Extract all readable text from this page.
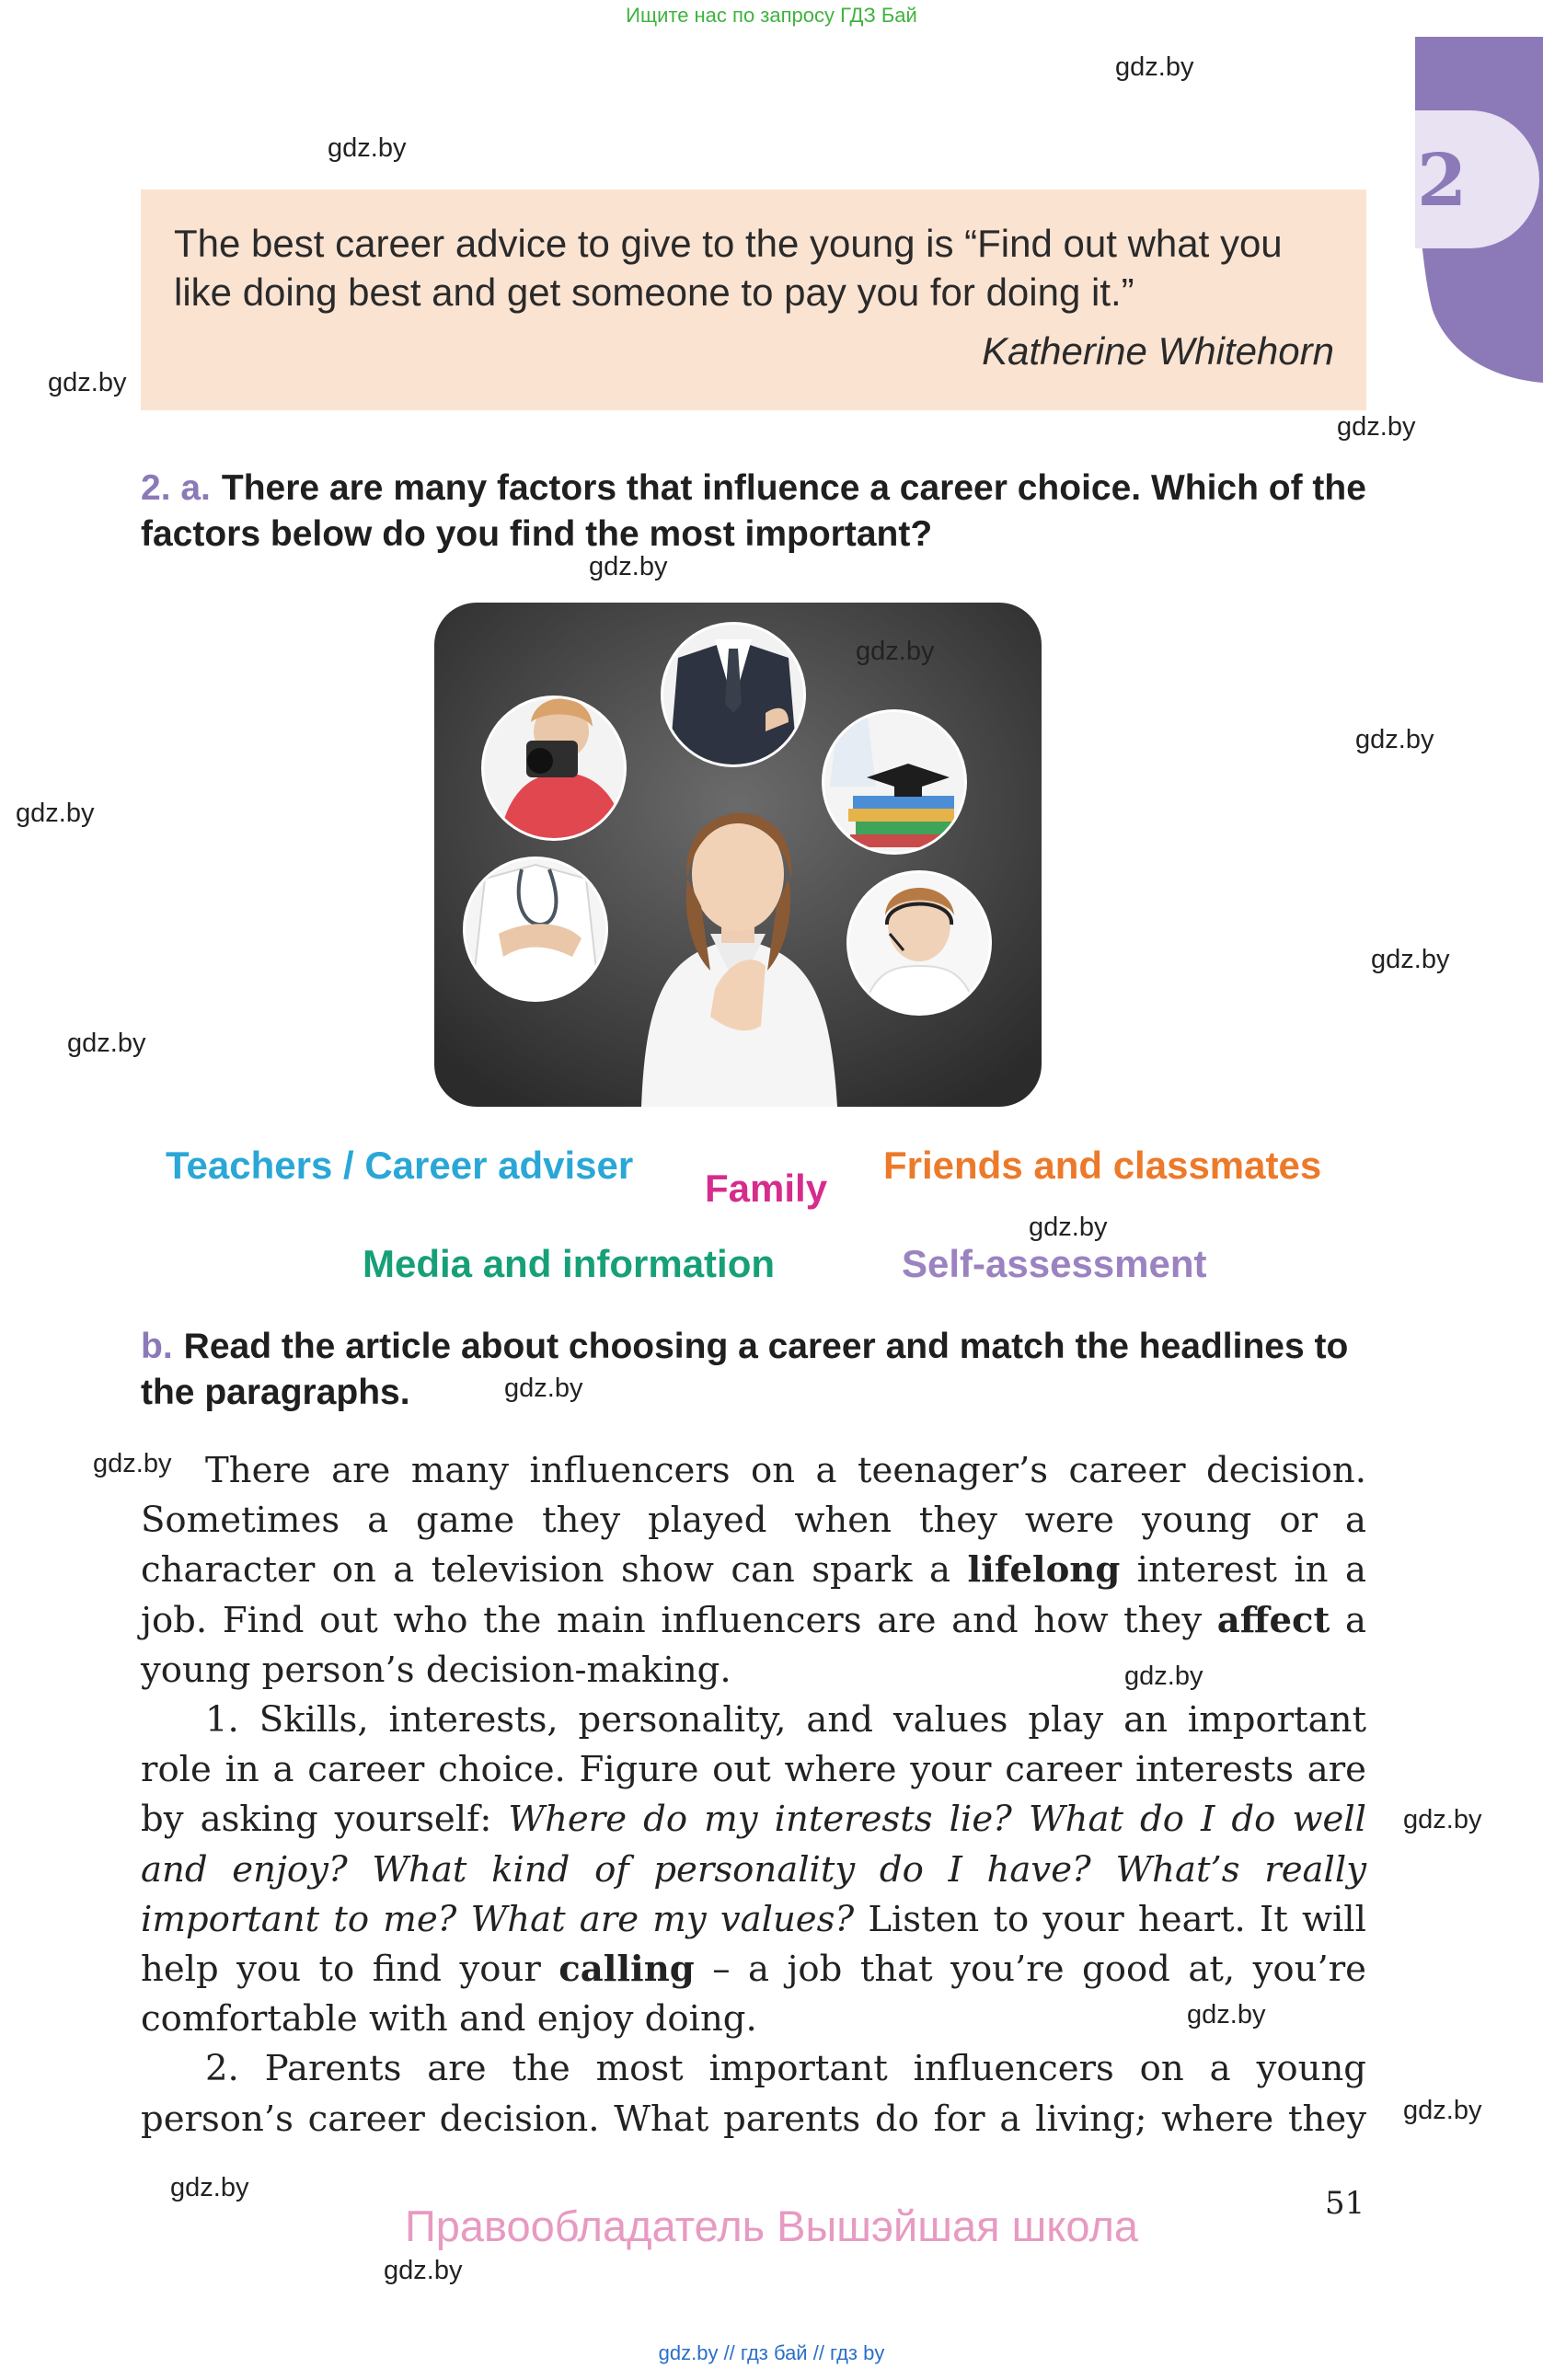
Ищите нас по запросу ГДЗ Бай
2
The best career advice to give to the young is “Find out what you like doing best and get someone to pay you for doing it.”
Katherine Whitehorn
2. a. There are many factors that influence a career choice. Which of the factors below do you find the most important?
Teachers / Career adviser
Family
Friends and classmates
Media and information	Self-assessment
b. Read the article about choosing a career and match the headlines to the paragraphs.

There are many influencers on a teenager’s career decision. Sometimes a game they played when they were young or a character on a television show can spark a lifelong interest in a job. Find out who the main influencers are and how they affect a young person’s decision-making.

1. Skills, interests, personality, and values play an important role in a career choice. Figure out where your career interests are by asking yourself: Where do my interests lie? What do I do well and enjoy? What kind of personality do I have? What’s really important to me? What are my values? Listen to your heart. It will help you to find your calling – a job that you’re good at, you’re comfortable with and enjoy doing.

2. Parents are the most important influencers on a young person’s career decision. What parents do for a living; where they

51
Правообладатель Вышэйшая школа
gdz.by // гдз бай // гдз by
gdz.by
gdz.by
gdz.by
gdz.by
gdz.by
gdz.by
gdz.by
gdz.by
gdz.by
gdz.by
gdz.by
gdz.by
gdz.by
gdz.by
gdz.by
gdz.by
gdz.by
gdz.by
gdz.by
